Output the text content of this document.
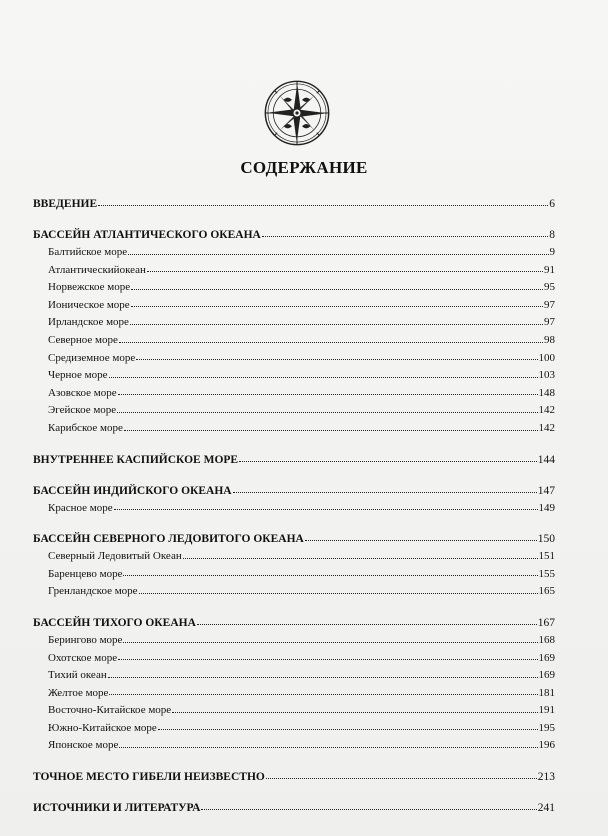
СОДЕРЖАНИЕ
ВВЕДЕНИЕ	6
БАССЕЙН АТЛАНТИЧЕСКОГО ОКЕАНА	8
Балтийское море	9
Атлантическийокеан	91
Норвежское море	95
Ионическое море	97
Ирландское море	97
Северное море	98
Средиземное море	100
Черное море	103
Азовское море	148
Эгейское море	142
Карибское море	142
ВНУТРЕННЕЕ КАСПИЙСКОЕ МОРЕ	144
БАССЕЙН ИНДИЙСКОГО ОКЕАНА	147
Красное море	149
БАССЕЙН СЕВЕРНОГО ЛЕДОВИТОГО ОКЕАНА	150
Северный Ледовитый Океан	151
Баренцево море	155
Гренландское море	165
БАССЕЙН ТИХОГО ОКЕАНА	167
Берингово море	168
Охотское море	169
Тихий океан	169
Желтое море	181
Восточно-Китайское море	191
Южно-Китайское море	195
Японское море	196
ТОЧНОЕ МЕСТО ГИБЕЛИ НЕИЗВЕСТНО	213
ИСТОЧНИКИ И ЛИТЕРАТУРА	241
